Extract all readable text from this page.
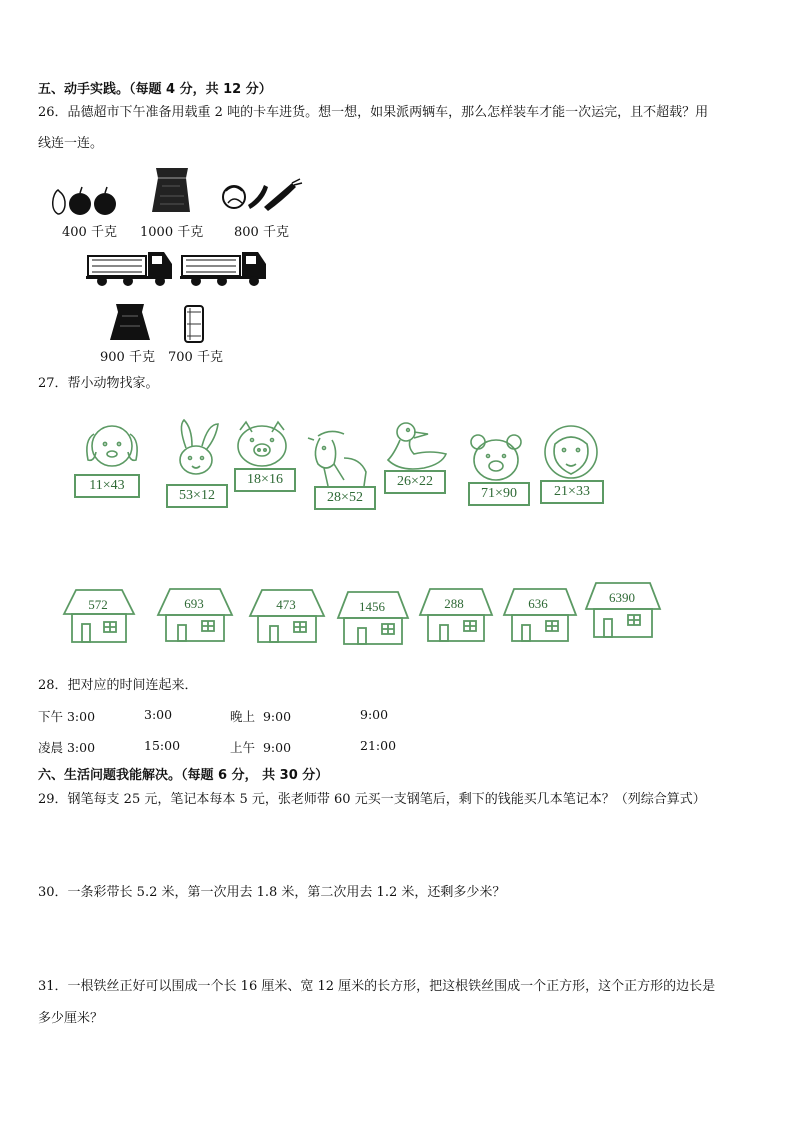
五、动手实践。（每题 4 分，共 12 分）
26．品德超市下午准备用载重 2 吨的卡车进货。想一想，如果派两辆车，那么怎样装车才能一次运完，且不超载？用
线连一连。
400 千克 1000 千克 800 千克
900 千克 700 千克
27．帮小动物找家。
11×43
53×12
18×16
28×52
26×22
71×90	21×33
572	693	473	1456	288	636	6390
28．把对应的时间连起来．
下午 3:00	3:00	晚上  9:00	9:00
凌晨 3:00	15:00	上午  9:00	21:00
六、生活问题我能解决。（每题 6 分， 共 30 分）
29．钢笔每支 25 元，笔记本每本 5 元，张老师带 60 元买一支钢笔后，剩下的钱能买几本笔记本？（列综合算式）
30．一条彩带长 5.2 米，第一次用去 1.8 米，第二次用去 1.2 米，还剩多少米？
31．一根铁丝正好可以围成一个长 16 厘米、宽 12 厘米的长方形，把这根铁丝围成一个正方形，这个正方形的边长是
多少厘米？
